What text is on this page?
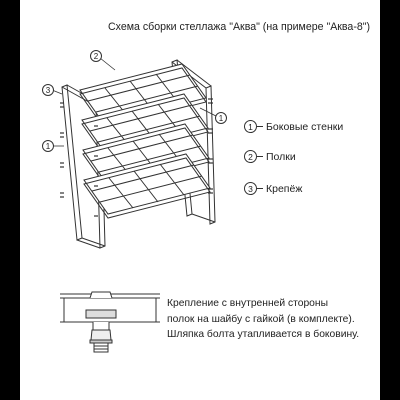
Схема сборки стеллажа "Аква" (на примере "Аква-8")
1
2
3
1
1	Боковые стенки
2	Полки
3	Крепёж
Крепление с внутренней стороны
полок на шайбу с гайкой (в комплекте).
Шляпка болта утапливается в боковину.
